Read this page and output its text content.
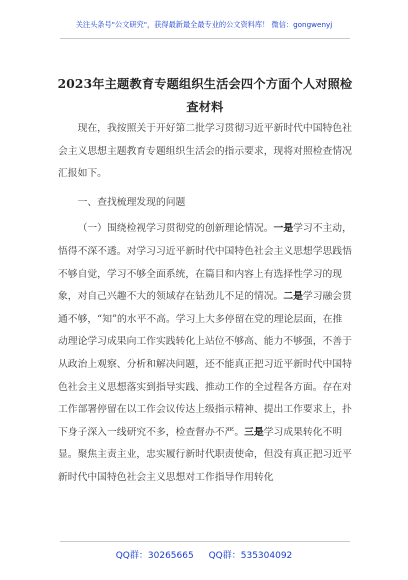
关注头条号"公文研究"，获得最新最全最专业的公文资料库！ 微信：gongwenyj
2023年主题教育专题组织生活会四个方面个人对照检查材料

现在，我按照关于开好第二批学习贯彻习近平新时代中国特色社会主义思想主题教育专题组织生活会的指示要求，现将对照检查情况汇报如下。

一、查找梳理发现的问题

（一）围绕检视学习贯彻党的创新理论情况。一是学习不主动，悟得不深不透。对学习习近平新时代中国特色社会主义思想学思践悟不够自觉，学习不够全面系统，在篇目和内容上有选择性学习的现象，对自己兴趣不大的领域存在钻劲儿不足的情况。二是学习融会贯通不够，“知”的水平不高。学习上大多停留在党的理论层面，在推动理论学习成果向工作实践转化上站位不够高、能力不够强，不善于从政治上观察、分析和解决问题，还不能真正把习近平新时代中国特色社会主义思想落实到指导实践、推动工作的全过程各方面。存在对工作部署停留在以工作会议传达上级指示精神、提出工作要求上，扑下身子深入一线研究不多，检查督办不严。三是学习成果转化不明显。聚焦主责主业，忠实履行新时代职责使命，但没有真正把习近平新时代中国特色社会主义思想对工作指导作用转化

QQ群：30265665 QQ群：535304092
